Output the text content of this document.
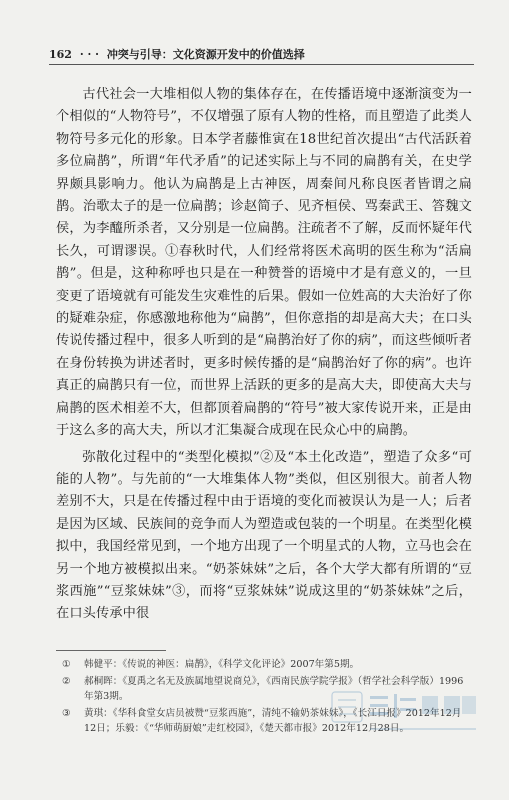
162 · · · 冲突与引导：文化资源开发中的价值选择

古代社会一大堆相似人物的集体存在，在传播语境中逐渐演变为一个相似的“人物符号”，不仅增强了原有人物的性格，而且塑造了此类人物符号多元化的形象。日本学者藤惟寅在18世纪首次提出“古代活跃着多位扁鹊”，所谓“年代矛盾”的记述实际上与不同的扁鹊有关，在史学界颇具影响力。他认为扁鹊是上古神医，周秦间凡称良医者皆谓之扁鹊。治歌太子的是一位扁鹊；诊赵简子、见齐桓侯、骂秦武王、答魏文侯，为李醯所杀者，又分别是一位扁鹊。注疏者不了解，反而怀疑年代长久，可谓谬误。①春秋时代，人们经常将医术高明的医生称为“活扁鹊”。但是，这种称呼也只是在一种赞誉的语境中才是有意义的，一旦变更了语境就有可能发生灾难性的后果。假如一位姓高的大夫治好了你的疑难杂症，你感激地称他为“扁鹊”，但你意指的却是高大夫；在口头传说传播过程中，很多人听到的是“扁鹊治好了你的病”，而这些倾听者在身份转换为讲述者时，更多时候传播的是“扁鹊治好了你的病”。也许真正的扁鹊只有一位，而世界上活跃的更多的是高大夫，即使高大夫与扁鹊的医术相差不大，但都顶着扁鹊的“符号”被大家传说开来，正是由于这么多的高大夫，所以才汇集凝合成现在民众心中的扁鹊。

弥散化过程中的“类型化模拟”②及“本土化改造”，塑造了众多“可能的人物”。与先前的“一大堆集体人物”类似，但区别很大。前者人物差别不大，只是在传播过程中由于语境的变化而被误认为是一人；后者是因为区域、民族间的竞争而人为塑造或包装的一个明星。在类型化模拟中，我国经常见到，一个地方出现了一个明星式的人物，立马也会在另一个地方被模拟出来。“奶茶妹妹”之后，各个大学大都有所谓的“豆浆西施”“豆浆妹妹”③，而将“豆浆妹妹”说成这里的“奶茶妹妹”之后，在口头传承中很

① 韩健平：《传说的神医：扁鹊》，《科学文化评论》2007年第5期。
② 郝桐晖：《夏禹之名无及族属地望说商兑》，《西南民族学院学报》（哲学社会科学版）1996年第3期。
③ 黄琪：《华科食堂女店员被赞“豆浆西施”，清纯不输奶茶妹妹》，《长江日报》2012年12月12日；乐毅：《“华师萌厨娘”走红校园》，《楚天都市报》2012年12月28日。
